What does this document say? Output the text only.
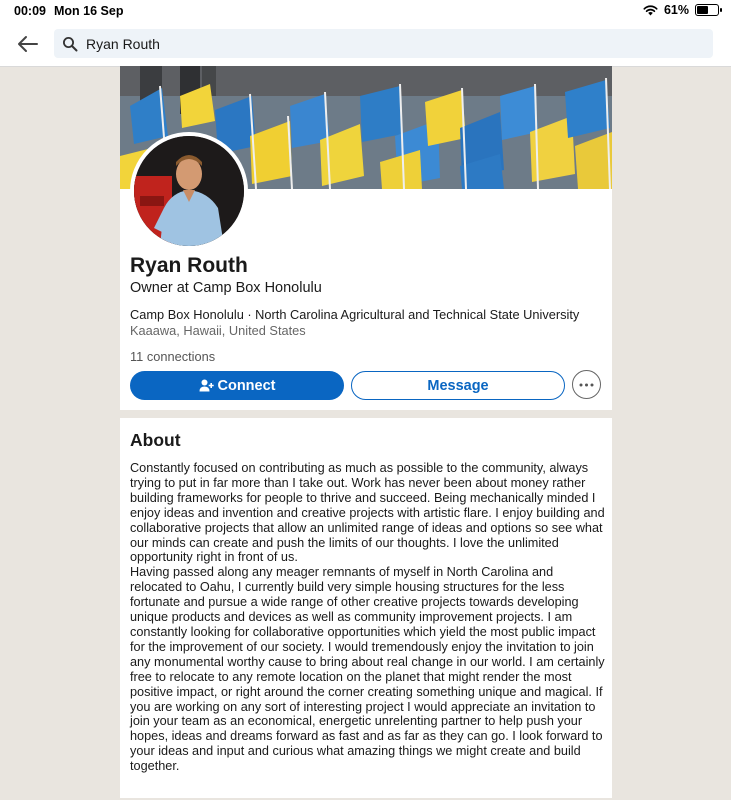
00:09 Mon 16 Sep	61%
Ryan Routh
Ryan Routh
Owner at Camp Box Honolulu
Camp Box Honolulu · North Carolina Agricultural and Technical State University
Kaaawa, Hawaii, United States
11 connections
Connect	Message
About

Constantly focused on contributing as much as possible to the community, always trying to put in far more than I take out. Work has never been about money rather building frameworks for people to thrive and succeed. Being mechanically minded I enjoy ideas and invention and creative projects with artistic flare. I enjoy building and collaborative projects that allow an unlimited range of ideas and options so see what our minds can create and push the limits of our thoughts. I love the unlimited opportunity right in front of us.

Having passed along any meager remnants of myself in North Carolina and relocated to Oahu, I currently build very simple housing structures for the less fortunate and pursue a wide range of other creative projects towards developing unique products and devices as well as community improvement projects. I am constantly looking for collaborative opportunities which yield the most public impact for the improvement of our society. I would tremendously enjoy the invitation to join any monumental worthy cause to bring about real change in our world. I am certainly free to relocate to any remote location on the planet that might render the most positive impact, or right around the corner creating something unique and magical. If you are working on any sort of interesting project I would appreciate an invitation to join your team as an economical, energetic unrelenting partner to help push your hopes, ideas and dreams forward as fast and as far as they can go. I look forward to your ideas and input and curious what amazing things we might create and build together.
